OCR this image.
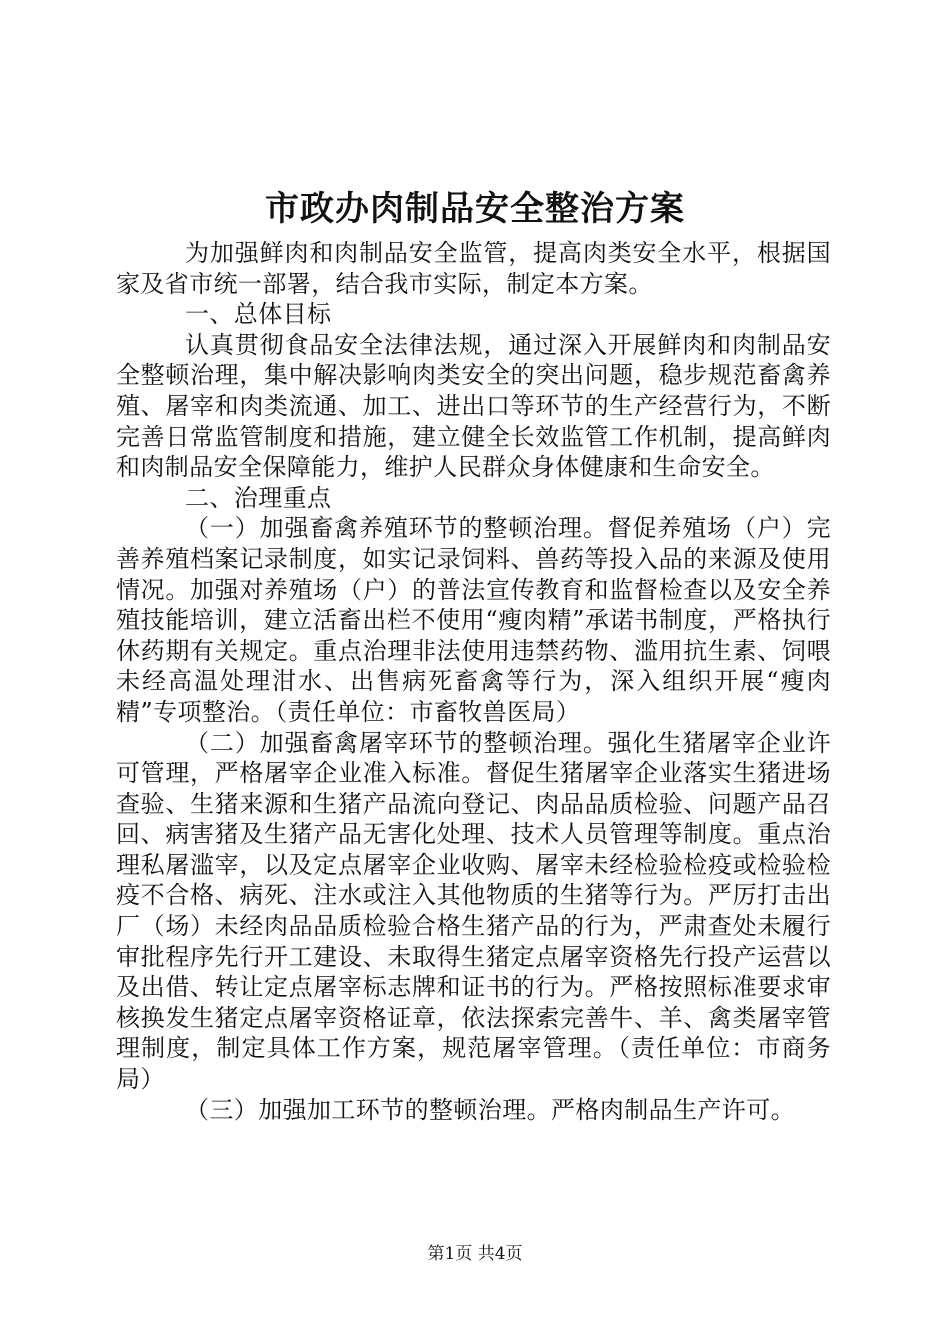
市政办肉制品安全整治方案

为加强鲜肉和肉制品安全监管，提高肉类安全水平，根据国家及省市统一部署，结合我市实际，制定本方案。

一、总体目标

认真贯彻食品安全法律法规，通过深入开展鲜肉和肉制品安全整顿治理，集中解决影响肉类安全的突出问题，稳步规范畜禽养殖、屠宰和肉类流通、加工、进出口等环节的生产经营行为，不断完善日常监管制度和措施，建立健全长效监管工作机制，提高鲜肉和肉制品安全保障能力，维护人民群众身体健康和生命安全。

二、治理重点

（一）加强畜禽养殖环节的整顿治理。督促养殖场（户）完善养殖档案记录制度，如实记录饲料、兽药等投入品的来源及使用情况。加强对养殖场（户）的普法宣传教育和监督检查以及安全养殖技能培训，建立活畜出栏不使用“瘦肉精”承诺书制度，严格执行休药期有关规定。重点治理非法使用违禁药物、滥用抗生素、饲喂未经高温处理泔水、出售病死畜禽等行为，深入组织开展“瘦肉精”专项整治。（责任单位：市畜牧兽医局）

（二）加强畜禽屠宰环节的整顿治理。强化生猪屠宰企业许可管理，严格屠宰企业准入标准。督促生猪屠宰企业落实生猪进场查验、生猪来源和生猪产品流向登记、肉品品质检验、问题产品召回、病害猪及生猪产品无害化处理、技术人员管理等制度。重点治理私屠滥宰，以及定点屠宰企业收购、屠宰未经检验检疫或检验检疫不合格、病死、注水或注入其他物质的生猪等行为。严厉打击出厂（场）未经肉品品质检验合格生猪产品的行为，严肃查处未履行审批程序先行开工建设、未取得生猪定点屠宰资格先行投产运营以及出借、转让定点屠宰标志牌和证书的行为。严格按照标准要求审核换发生猪定点屠宰资格证章，依法探索完善牛、羊、禽类屠宰管理制度，制定具体工作方案，规范屠宰管理。（责任单位：市商务局）

（三）加强加工环节的整顿治理。严格肉制品生产许可。

第1页 共4页
